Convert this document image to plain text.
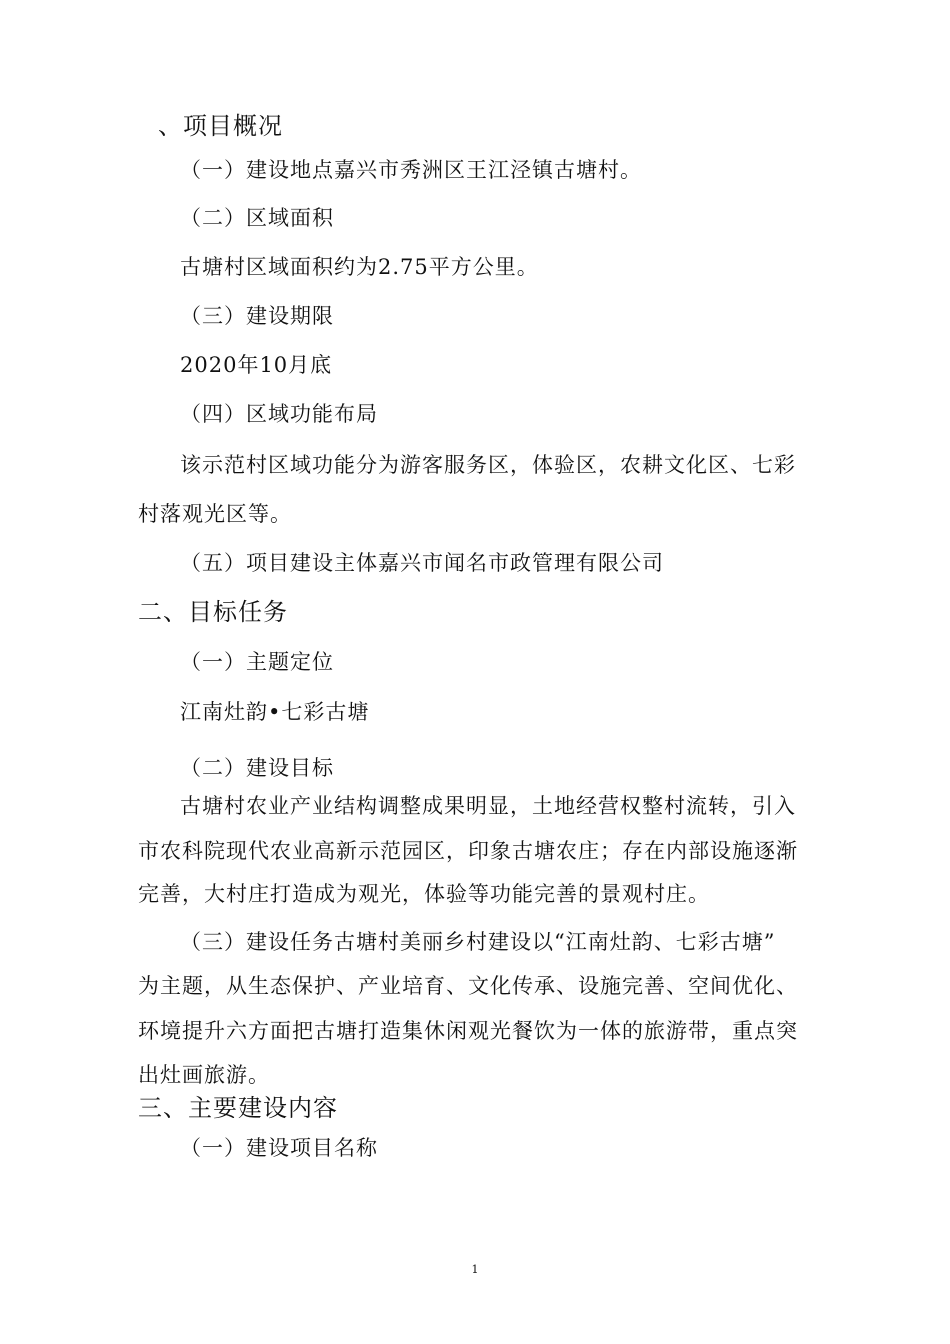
、项目概况
（一）建设地点嘉兴市秀洲区王江泾镇古塘村。
（二）区域面积
古塘村区域面积约为2.75平方公里。
（三）建设期限
2020年10月底
（四）区域功能布局
该示范村区域功能分为游客服务区，体验区，农耕文化区、七彩
村落观光区等。
（五）项目建设主体嘉兴市闻名市政管理有限公司
二、目标任务
（一）主题定位
江南灶韵•七彩古塘
（二）建设目标
古塘村农业产业结构调整成果明显，土地经营权整村流转，引入
市农科院现代农业高新示范园区，印象古塘农庄；存在内部设施逐渐
完善，大村庄打造成为观光，体验等功能完善的景观村庄。
（三）建设任务古塘村美丽乡村建设以“江南灶韵、七彩古塘”
为主题，从生态保护、产业培育、文化传承、设施完善、空间优化、
环境提升六方面把古塘打造集休闲观光餐饮为一体的旅游带，重点突
出灶画旅游。
三、主要建设内容
（一）建设项目名称
1
